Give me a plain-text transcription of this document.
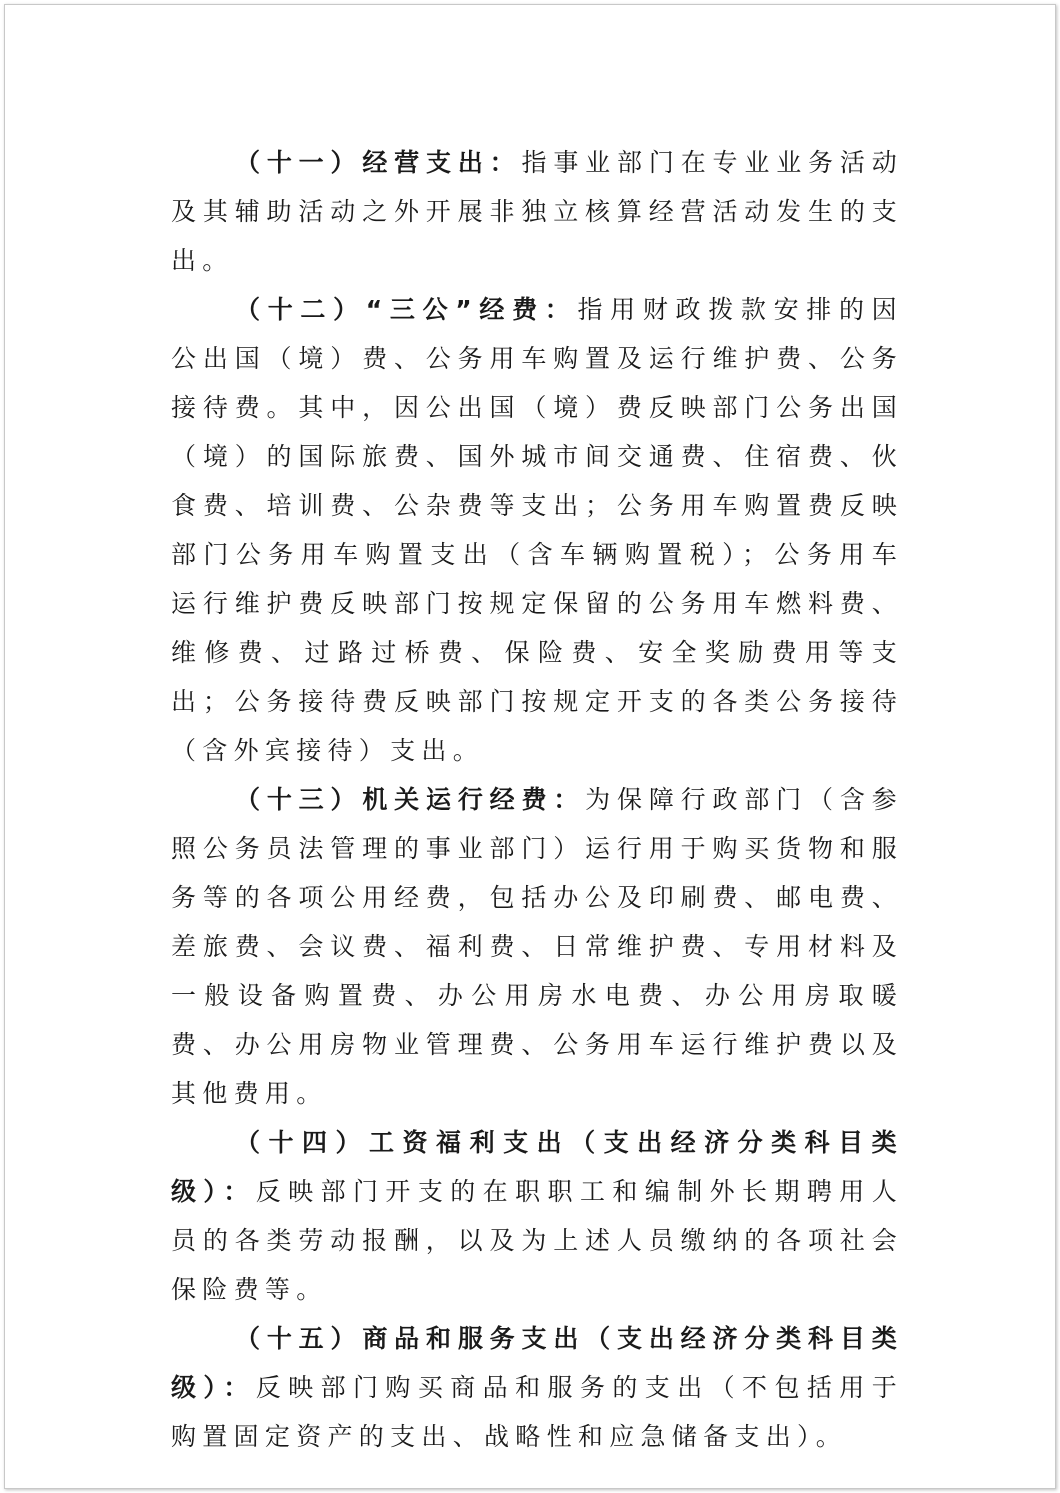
（十一）经营支出：指事业部门在专业业务活动及其辅助活动之外开展非独立核算经营活动发生的支出。

（十二）“三公”经费：指用财政拨款安排的因公出国（境）费、公务用车购置及运行维护费、公务接待费。其中，因公出国（境）费反映部门公务出国（境）的国际旅费、国外城市间交通费、住宿费、伙食费、培训费、公杂费等支出；公务用车购置费反映部门公务用车购置支出（含车辆购置税）；公务用车运行维护费反映部门按规定保留的公务用车燃料费、维修费、过路过桥费、保险费、安全奖励费用等支出；公务接待费反映部门按规定开支的各类公务接待（含外宾接待）支出。

（十三）机关运行经费：为保障行政部门（含参照公务员法管理的事业部门）运行用于购买货物和服务等的各项公用经费，包括办公及印刷费、邮电费、差旅费、会议费、福利费、日常维护费、专用材料及一般设备购置费、办公用房水电费、办公用房取暖费、办公用房物业管理费、公务用车运行维护费以及其他费用。

（十四）工资福利支出（支出经济分类科目类级）：反映部门开支的在职职工和编制外长期聘用人员的各类劳动报酬，以及为上述人员缴纳的各项社会保险费等。

（十五）商品和服务支出（支出经济分类科目类级）：反映部门购买商品和服务的支出（不包括用于购置固定资产的支出、战略性和应急储备支出）。
